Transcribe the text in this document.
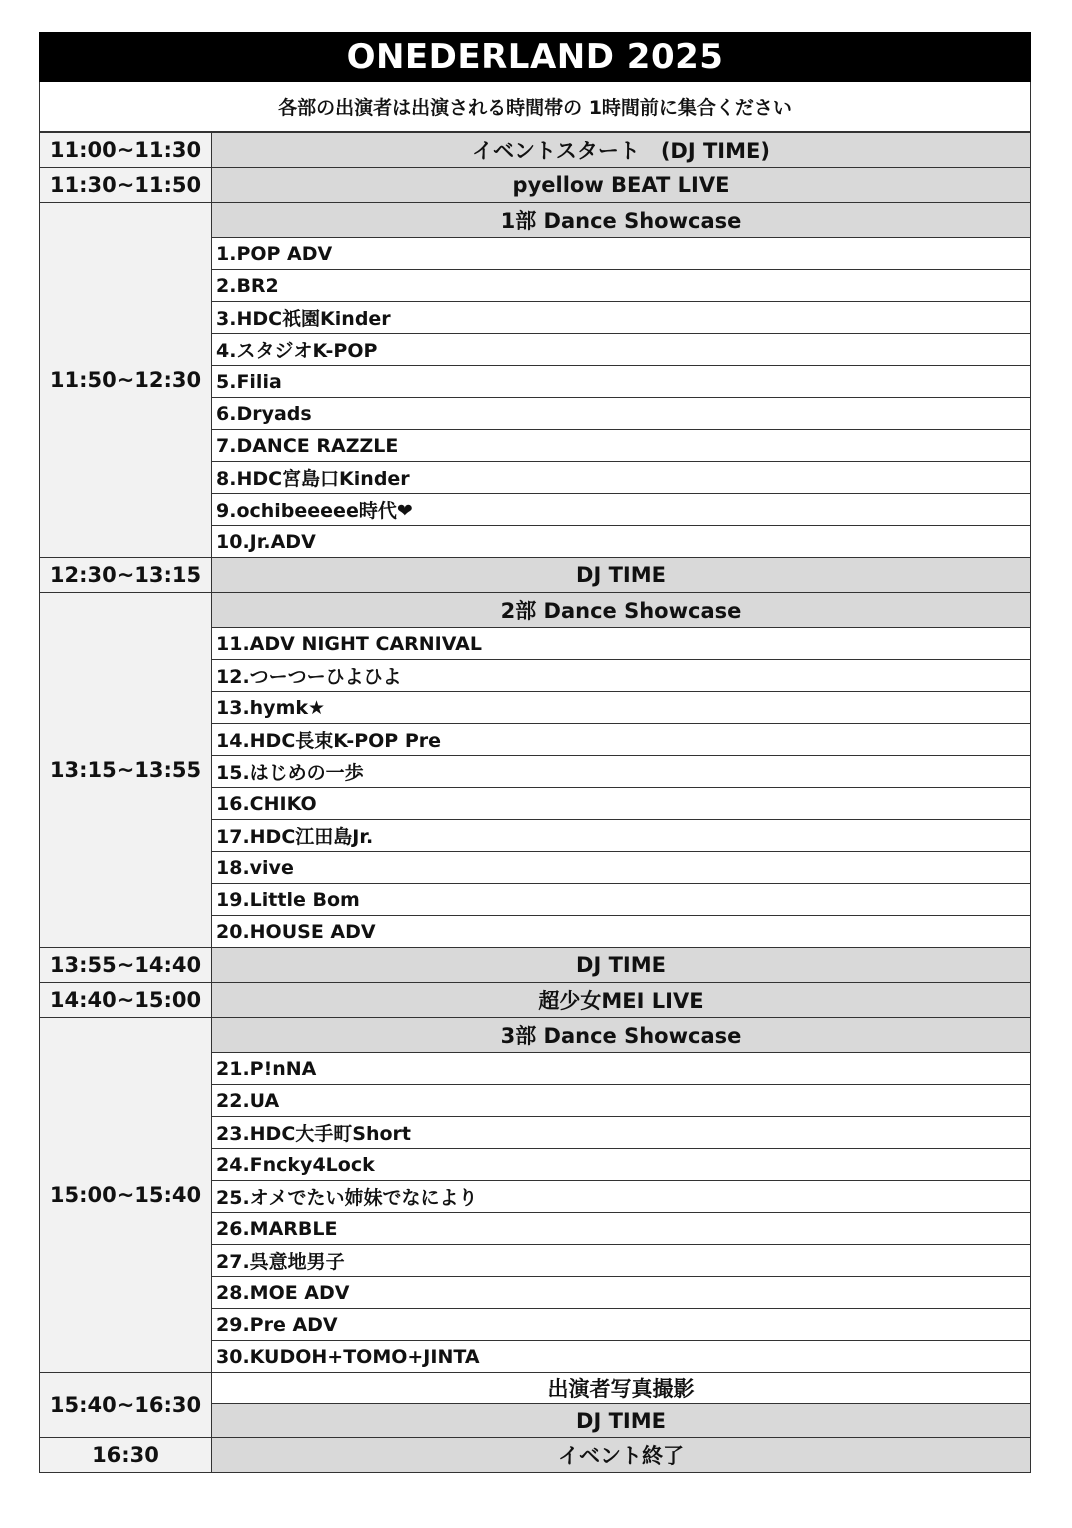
ONEDERLAND 2025
各部の出演者は出演される時間帯の 1時間前に集合ください
11:00~11:30	イベントスタート　(DJ TIME)
11:30~11:50	pyellow BEAT LIVE
11:50~12:30	1部 Dance Showcase
	1.POP ADV
	2.BR2
	3.HDC祇園Kinder
	4.スタジオK-POP
	5.Filia
	6.Dryads
	7.DANCE RAZZLE
	8.HDC宮島口Kinder
	9.ochibeeeee時代❤
	10.Jr.ADV
12:30~13:15	DJ TIME
13:15~13:55	2部 Dance Showcase
	11.ADV NIGHT CARNIVAL
	12.つーつーひよひよ
	13.hymk★
	14.HDC長束K-POP Pre
	15.はじめの一歩
	16.CHIKO
	17.HDC江田島Jr.
	18.vive
	19.Little Bom
	20.HOUSE ADV
13:55~14:40	DJ TIME
14:40~15:00	超少女MEI LIVE
15:00~15:40	3部 Dance Showcase
	21.P!nNA
	22.UA
	23.HDC大手町Short
	24.Fncky4Lock
	25.オメでたい姉妹でなにより
	26.MARBLE
	27.呉意地男子
	28.MOE ADV
	29.Pre ADV
	30.KUDOH+TOMO+JINTA
15:40~16:30	出演者写真撮影
	DJ TIME
16:30	イベント終了
